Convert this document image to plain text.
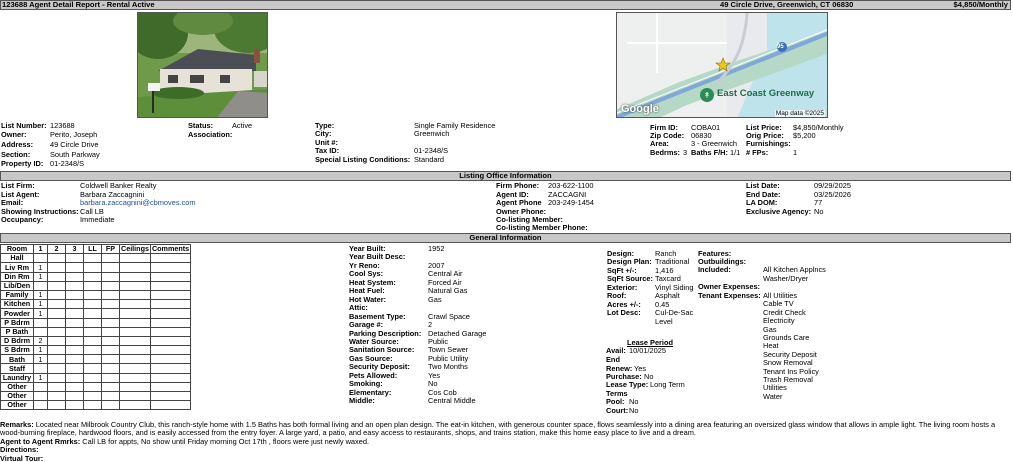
123688 Agent Detail Report - Rental Active	49 Circle Drive, Greenwich, CT 06830	$4,850/Monthly
↟
95
East Coast Greenway
Google	Map data ©2025
List Number: 123688
Owner:	Perito, Joseph
Address: 49 Circle Drive
Section:	South Parkway
Property ID: 01-2348/S
Status:	Active
Association:
Type:	Single Family Residence
City:	Greenwich
Unit #:
Tax ID:	01-2348/S
Special Listing Conditions: Standard
Firm ID: COBA01
Zip Code: 06830
Area:	3 - Greenwich
Bedrms: 3 Baths F/H: 1/1
List Price: $4,850/Monthly
Orig Price: $5,200
Furnishings:
# FPs:	1
Listing Office Information
List Firm:	Coldwell Banker Realty
List Agent:	Barbara Zaccagnini
Email:	barbara.zaccagnini@cbmoves.com
Showing Instructions: Call LB
Occupancy:	Immediate
Firm Phone: 203-622-1100
Agent ID:	ZACCAGNI
Agent Phone 203-249-1454
Owner Phone:
Co-listing Member:
Co-listing Member Phone:
List Date:	09/29/2025
End Date:	03/25/2026
LA DOM:	77
Exclusive Agency: No
General Information
Room	1	2	3	LL	FP	Ceilings	Comments
Hall							
Liv Rm	1						
Din Rm	1						
Lib/Den							
Family	1						
Kitchen	1						
Powder	1						
P Bdrm							
P Bath							
D Bdrm	2						
S Bdrm	1						
Bath	1						
Staff							
Laundry	1						
Other							
Other							
Other							
Year Built:	1952
Year Built Desc:
Yr Reno:	2007
Cool Sys:	Central Air
Heat System:	Forced Air
Heat Fuel:	Natural Gas
Hot Water:	Gas
Attic:
Basement Type:	Crawl Space
Garage #:	2
Parking Description: Detached Garage
Water Source:	Public
Sanitation Source: Town Sewer
Gas Source:	Public Utility
Security Deposit: Two Months
Pets Allowed:	Yes
Smoking:	No
Elementary:	Cos Cob
Middle:	Central Middle
Design:	Ranch
Design Plan: Traditional
SqFt +/-: 1,416
SqFt Source: Taxcard
Exterior: Vinyl Siding
Roof:	Asphalt
Acres +/-: 0.45
Lot Desc: Cul-De-Sac
Level
Lease Period
Avail: 10/01/2025
End
Renew: Yes
Purchase: No
Lease Type: Long Term
Terms
Pool: No
Court: No
Features:
Outbuildings:
Included:	All Kitchen Applncs
Washer/Dryer
Owner Expenses:
Tenant Expenses: All Utilities
Cable TV
Credit Check
Electricity
Gas
Grounds Care
Heat
Security Deposit
Snow Removal
Tenant Ins Policy
Trash Removal
Utilities
Water
Remarks: Located near Milbrook Country Club, this ranch-style home with 1.5 Baths has both formal living and an open plan design. The eat-in kitchen, with generous counter space, flows seamlessly into a dining area featuring an oversized glass window that allows in ample light. The living room hosts a
wood-burning fireplace, hardwood floors, and is easily accessed from the entry foyer. A large yard, a patio, and easy access to restaurants, shops, and trains station, make this home easy place to live and a dream.
Agent to Agent Rmrks: Call LB for appts, No show until Friday morning Oct 17th , floors were just newly waxed.
Directions:
Virtual Tour:
